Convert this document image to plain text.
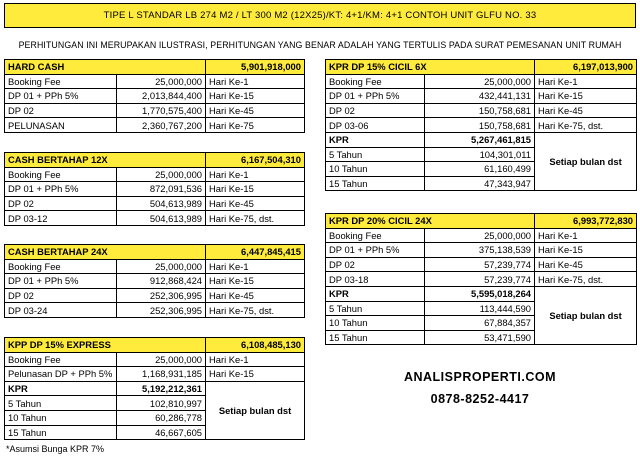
TIPE L STANDAR LB 274 M2 / LT 300 M2 (12X25)/KT: 4+1/KM: 4+1 CONTOH UNIT GLFU NO. 33
PERHITUNGAN INI MERUPAKAN ILUSTRASI, PERHITUNGAN YANG BENAR ADALAH YANG TERTULIS PADA SURAT PEMESANAN UNIT RUMAH
HARD CASH		5,901,918,000
Booking Fee	25,000,000	Hari Ke-1
DP 01 + PPh 5%	2,013,844,400	Hari Ke-15
DP 02	1,770,575,400	Hari Ke-45
PELUNASAN	2,360,767,200	Hari Ke-75
CASH BERTAHAP 12X		6,167,504,310
Booking Fee	25,000,000	Hari Ke-1
DP 01 + PPh 5%	872,091,536	Hari Ke-15
DP 02	504,613,989	Hari Ke-45
DP 03-12	504,613,989	Hari Ke-75, dst.
CASH BERTAHAP 24X		6,447,845,415
Booking Fee	25,000,000	Hari Ke-1
DP 01 + PPh 5%	912,868,424	Hari Ke-15
DP 02	252,306,995	Hari Ke-45
DP 03-24	252,306,995	Hari Ke-75, dst.
KPP DP 15% EXPRESS		6,108,485,130
Booking Fee	25,000,000	Hari Ke-1
Pelunasan DP + PPh 5%	1,168,931,185	Hari Ke-15
KPR	5,192,212,361	Setiap bulan dst
5 Tahun	102,810,997	
10 Tahun	60,286,778	
15 Tahun	46,667,605	
KPR DP 15% CICIL 6X		6,197,013,900
Booking Fee	25,000,000	Hari Ke-1
DP 01 + PPh 5%	432,441,131	Hari Ke-15
DP 02	150,758,681	Hari Ke-45
DP 03-06	150,758,681	Hari Ke-75, dst.
KPR	5,267,461,815	Setiap bulan dst
5 Tahun	104,301,011	
10 Tahun	61,160,499	
15 Tahun	47,343,947	
KPR DP 20% CICIL 24X		6,993,772,830
Booking Fee	25,000,000	Hari Ke-1
DP 01 + PPh 5%	375,138,539	Hari Ke-15
DP 02	57,239,774	Hari Ke-45
DP 03-18	57,239,774	Hari Ke-75, dst.
KPR	5,595,018,264	Setiap bulan dst
5 Tahun	113,444,590	
10 Tahun	67,884,357	
15 Tahun	53,471,590	
*Asumsi Bunga KPR 7%
ANALISPROPERTI.COM
0878-8252-4417
